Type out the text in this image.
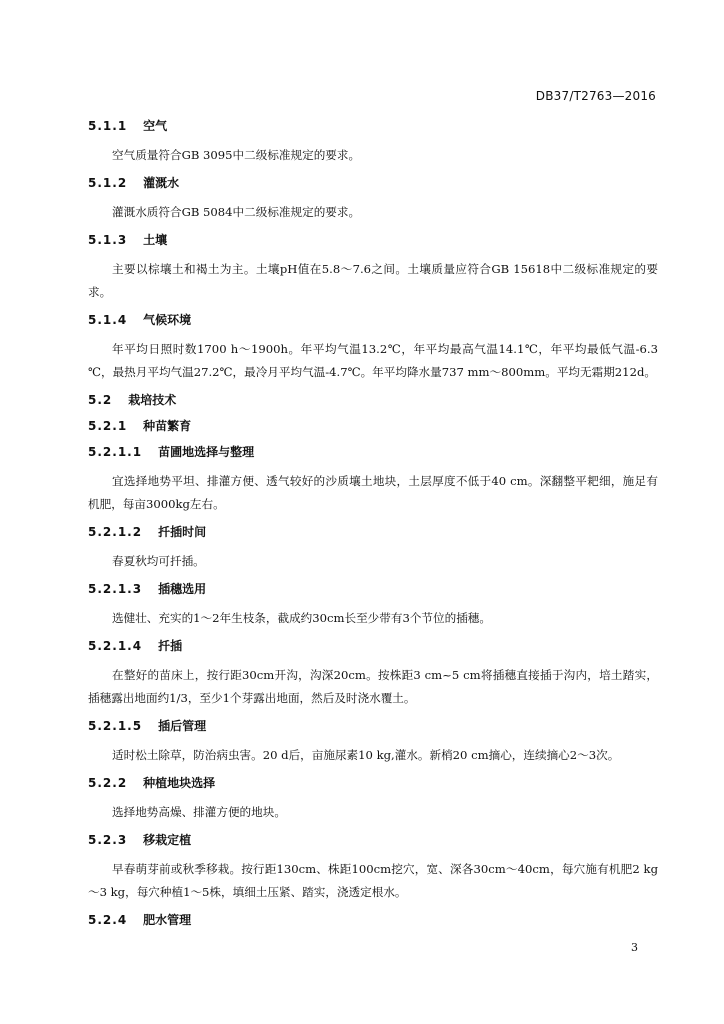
DB37/T2763—2016
5.1.1 空气

空气质量符合GB 3095中二级标准规定的要求。

5.1.2 灌溉水

灌溉水质符合GB 5084中二级标准规定的要求。

5.1.3 土壤

主要以棕壤土和褐土为主。土壤pH值在5.8～7.6之间。土壤质量应符合GB 15618中二级标准规定的要求。

5.1.4 气候环境

年平均日照时数1700 h～1900h。年平均气温13.2℃，年平均最高气温14.1℃，年平均最低气温-6.3 ℃，最热月平均气温27.2℃，最冷月平均气温-4.7℃。年平均降水量737 mm～800mm。平均无霜期212d。

5.2 栽培技术
5.2.1 种苗繁育
5.2.1.1 苗圃地选择与整理

宜选择地势平坦、排灌方便、透气较好的沙质壤土地块，土层厚度不低于40 cm。深翻整平耙细，施足有机肥，每亩3000kg左右。

5.2.1.2 扦插时间

春夏秋均可扦插。

5.2.1.3 插穗选用

选健壮、充实的1～2年生枝条，截成约30cm长至少带有3个节位的插穗。

5.2.1.4 扦插

在整好的苗床上，按行距30cm开沟，沟深20cm。按株距3 cm~5 cm将插穗直接插于沟内，培土踏实，插穗露出地面约1/3，至少1个芽露出地面，然后及时浇水覆土。

5.2.1.5 插后管理

适时松土除草，防治病虫害。20 d后，亩施尿素10 kg,灌水。新梢20 cm摘心，连续摘心2～3次。

5.2.2 种植地块选择

选择地势高燥、排灌方便的地块。

5.2.3 移栽定植

早春萌芽前或秋季移栽。按行距130cm、株距100cm挖穴，宽、深各30cm～40cm，每穴施有机肥2 kg～3 kg，每穴种植1～5株，填细土压紧、踏实，浇透定根水。

5.2.4 肥水管理
3
